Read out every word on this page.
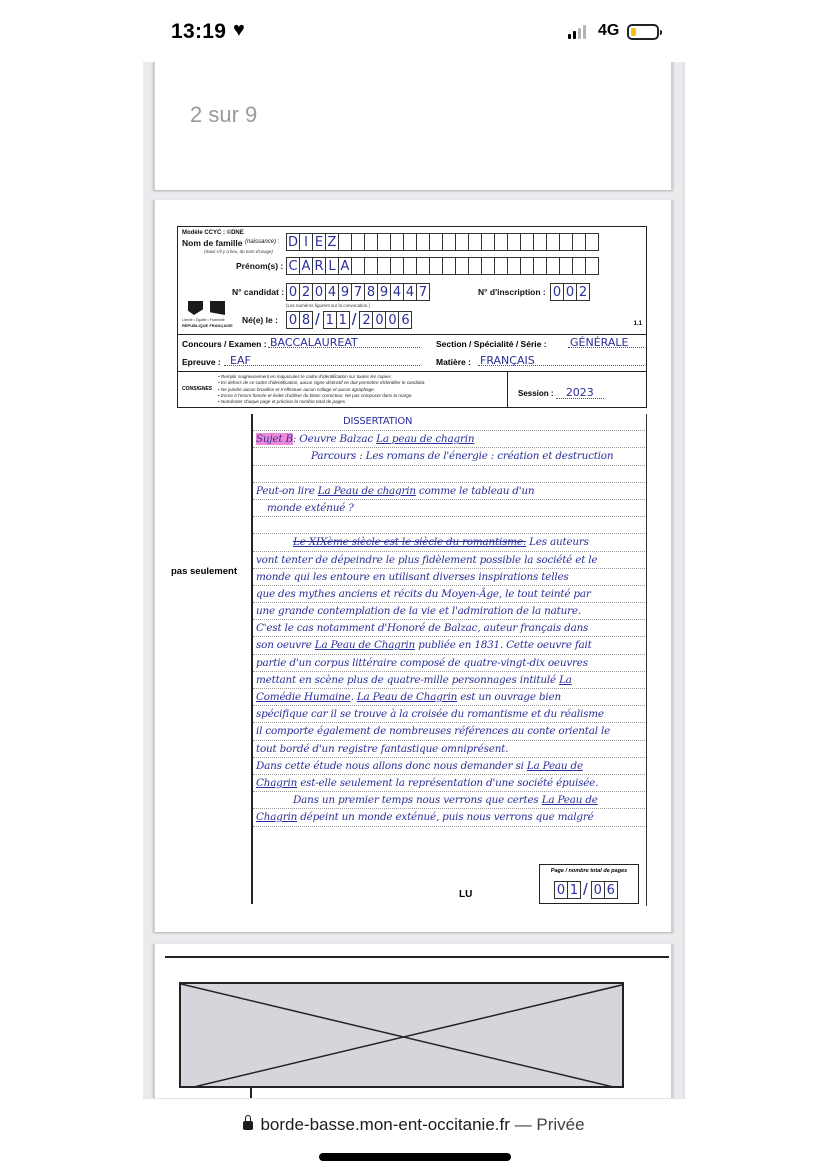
13:19 ♥	4G
2 sur 9
Modèle CCYC : ©DNE
Nom de famille (naissance) :
(Suivi s'il y a lieu, du nom d'usage)
D I E Z
Prénom(s) : C A R L A
N° candidat : 0 2 0 4 9 7 8 9 4 4 7
(Les numéros figurent sur la convocation.)
N° d'inscription : 0 0 2
Liberté • Égalité • Fraternité
RÉPUBLIQUE FRANÇAISE
Né(e) le : 0 8 / 1 1 / 2 0 0 6	1.1
Concours / Examen : BACCALAUREAT	Section / Spécialité / Série : GÉNÉRALE
Epreuve : EAF	Matière : FRANÇAIS
CONSIGNES
• Remplir soigneusement en majuscules le cadre d'identification sur toutes les copies.
• En dehors de ce cadre d'identification, aucun signe distinctif ne doit permettre d'identifier le candidat.
• Ne joindre aucun brouillon et n'effectuer aucun collage et aucun agraphage.
• Ecrire à l'encre foncée et éviter d'utiliser du blanc correcteur. Ne pas composer dans la marge.
• Numéroter chaque page et préciser le nombre total de pages.
Session : 2023
pas seulement
DISSERTATION
Sujet B: Oeuvre Balzac La peau de chagrin
Parcours : Les romans de l'énergie : création et destruction
Peut-on lire La Peau de chagrin comme le tableau d'un
monde exténué ?
Le XIXème siècle est le siècle du romantisme. Les auteurs
vont tenter de dépeindre le plus fidèlement possible la société et le
monde qui les entoure en utilisant diverses inspirations telles
que des mythes anciens et récits du Moyen-Âge, le tout teinté par
une grande contemplation de la vie et l'admiration de la nature.
C'est le cas notamment d'Honoré de Balzac, auteur français dans
son oeuvre La Peau de Chagrin publiée en 1831. Cette oeuvre fait
partie d'un corpus littéraire composé de quatre-vingt-dix oeuvres
mettant en scène plus de quatre-mille personnages intitulé La
Comédie Humaine. La Peau de Chagrin est un ouvrage bien
spécifique car il se trouve à la croisée du romantisme et du réalisme
il comporte également de nombreuses références au conte oriental le
tout bordé d'un registre fantastique omniprésent.
Dans cette étude nous allons donc nous demander si La Peau de
Chagrin est-elle seulement la représentation d'une société épuisée.
Dans un premier temps nous verrons que certes La Peau de
Chagrin dépeint un monde exténué, puis nous verrons que malgré
LU
Page / nombre total de pages
0 1 / 0 6
borde-basse.mon-ent-occitanie.fr — Privée
